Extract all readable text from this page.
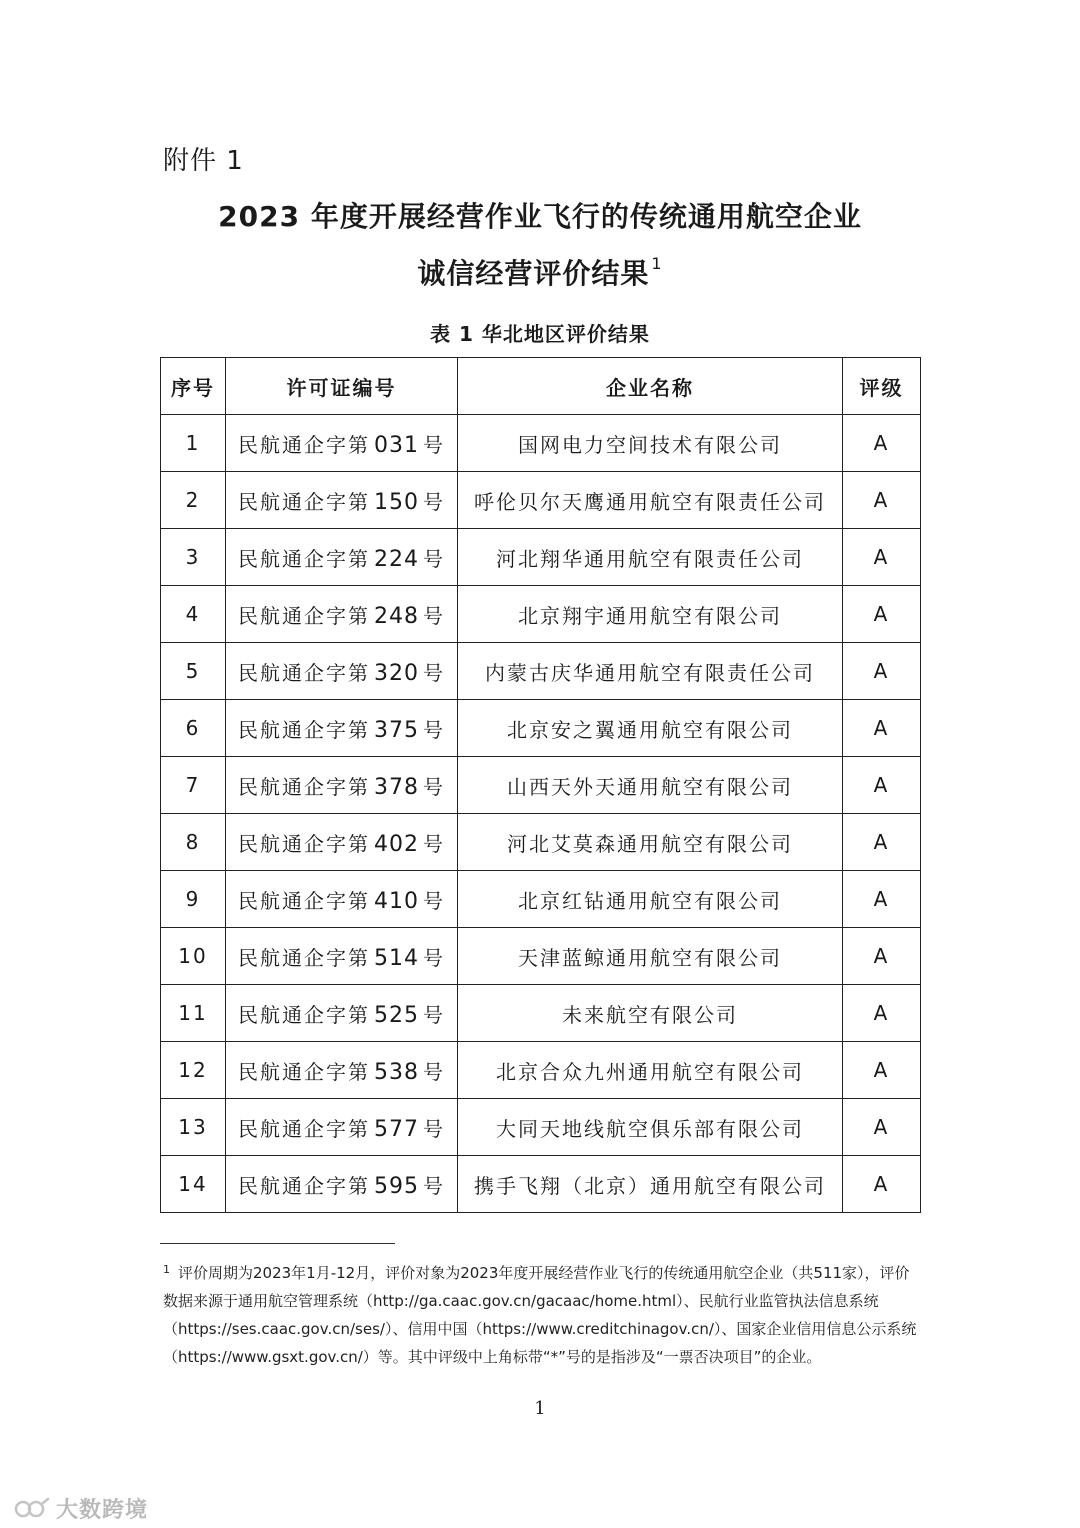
附件 1
2023 年度开展经营作业飞行的传统通用航空企业
诚信经营评价结果 $^1$
表 1 华北地区评价结果
序号	许可证编号	企业名称	评级
1	民航通企字第 031 号	国网电力空间技术有限公司	A
2	民航通企字第 150 号	呼伦贝尔天鹰通用航空有限责任公司	A
3	民航通企字第 224 号	河北翔华通用航空有限责任公司	A
4	民航通企字第 248 号	北京翔宇通用航空有限公司	A
5	民航通企字第 320 号	内蒙古庆华通用航空有限责任公司	A
6	民航通企字第 375 号	北京安之翼通用航空有限公司	A
7	民航通企字第 378 号	山西天外天通用航空有限公司	A
8	民航通企字第 402 号	河北艾莫森通用航空有限公司	A
9	民航通企字第 410 号	北京红钻通用航空有限公司	A
10	民航通企字第 514 号	天津蓝鲸通用航空有限公司	A
11	民航通企字第 525 号	未来航空有限公司	A
12	民航通企字第 538 号	北京合众九州通用航空有限公司	A
13	民航通企字第 577 号	大同天地线航空俱乐部有限公司	A
14	民航通企字第 595 号	携手飞翔（北京）通用航空有限公司	A
$^1$ 评价周期为2023年1月-12月，评价对象为2023年度开展经营作业飞行的传统通用航空企业（共511家），评价数据来源于通用航空管理系统（http://ga.caac.gov.cn/gacaac/home.html）、民航行业监管执法信息系统（https://ses.caac.gov.cn/ses/）、信用中国（https://www.creditchinagov.cn/）、国家企业信用信息公示系统（https://www.gsxt.gov.cn/）等。其中评级中上角标带“*”号的是指涉及“一票否决项目”的企业。
1
大数跨境
